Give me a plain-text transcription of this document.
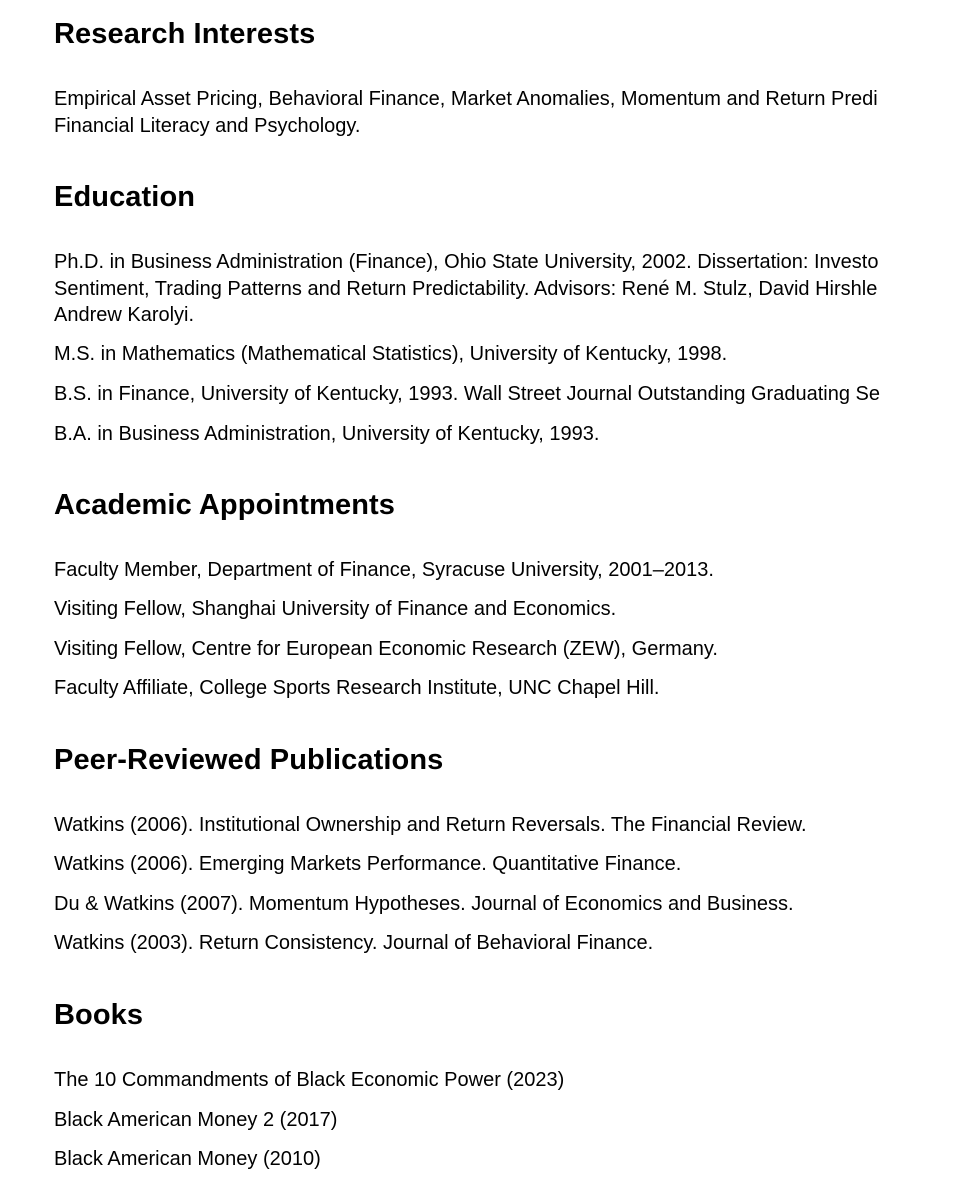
Research Interests

Empirical Asset Pricing, Behavioral Finance, Market Anomalies, Momentum and Return Predi
Financial Literacy and Psychology.

Education

Ph.D. in Business Administration (Finance), Ohio State University, 2002. Dissertation: Investo
Sentiment, Trading Patterns and Return Predictability. Advisors: René M. Stulz, David Hirshle
Andrew Karolyi.

M.S. in Mathematics (Mathematical Statistics), University of Kentucky, 1998.

B.S. in Finance, University of Kentucky, 1993. Wall Street Journal Outstanding Graduating Se

B.A. in Business Administration, University of Kentucky, 1993.

Academic Appointments

Faculty Member, Department of Finance, Syracuse University, 2001–2013.

Visiting Fellow, Shanghai University of Finance and Economics.

Visiting Fellow, Centre for European Economic Research (ZEW), Germany.

Faculty Affiliate, College Sports Research Institute, UNC Chapel Hill.

Peer-Reviewed Publications

Watkins (2006). Institutional Ownership and Return Reversals. The Financial Review.

Watkins (2006). Emerging Markets Performance. Quantitative Finance.

Du & Watkins (2007). Momentum Hypotheses. Journal of Economics and Business.

Watkins (2003). Return Consistency. Journal of Behavioral Finance.

Books

The 10 Commandments of Black Economic Power (2023)

Black American Money 2 (2017)

Black American Money (2010)
